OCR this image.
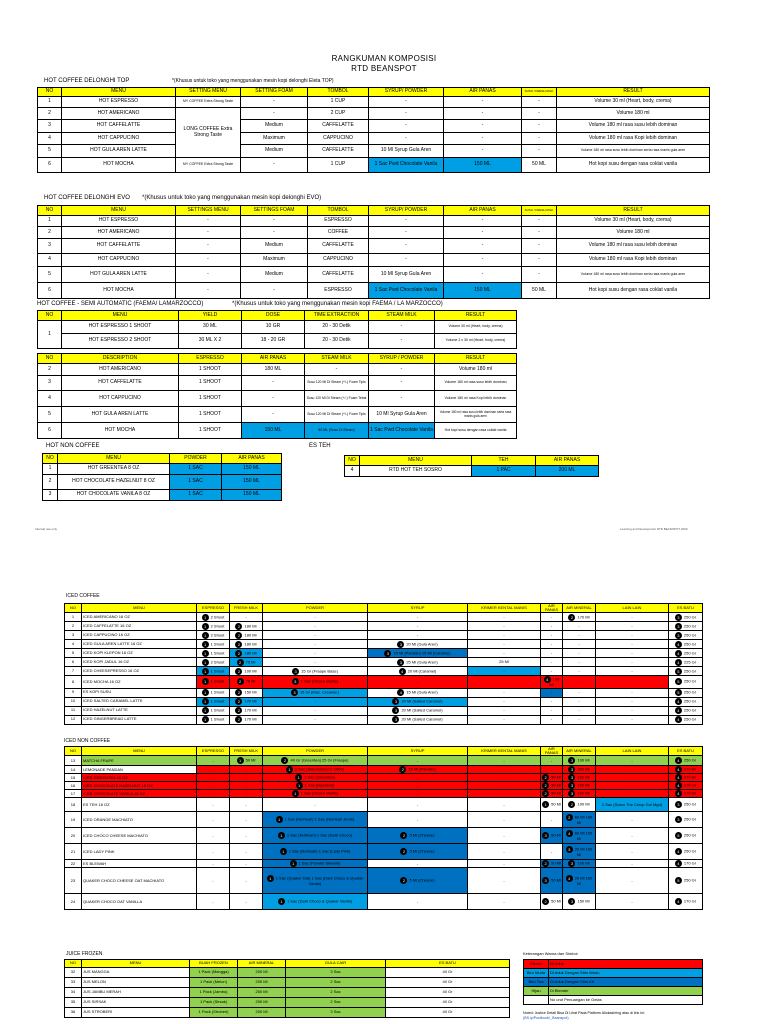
RANGKUMAN KOMPOSISI
RTD BEANSPOT
HOT COFFEE DELONGHI TOP	*(Khusus untuk toko yang menggunakan mesin kopi delonghi Eleta TOP)
NO	MENU	SETTING MENU	SETTING FOAM	TOMBOL	SYRUP/ POWDER	AIR PANAS	SUSU / FRESH MILK	RESULT
1	HOT ESPRESSO	MY COFFEE Extra Strong Taste	-	1 CUP	-	-	-	Volume 30 ml (Heart, body, crema)
2	HOT AMERICANO	LONG COFFEE Extra Strong Taste	-	2 CUP	-	-	-	Volume 180 ml
3	HOT CAFFELATTE		Medium	CAFFELATTE	-	-	-	Volume 180 ml rasa susu lebih dominan
4	HOT CAPPUCINO		Maximum	CAPPUCINO	-	-	-	Volume 180 ml rasa Kopi lebih dominan
5	HOT GULA AREN LATTE		Medium	CAFFELATTE	10 Ml Syrup Gula Aren	-	-	Volume 180 ml rasa susu lebih dominan serta rasa manis gula aren
6	HOT MOCHA	MY COFFEE Extra Strong Taste	-	1 CUP	1 Sac Pwd Chocolate Vanila	150 ML	50 ML	Hot kopi susu dengan rasa coklat vanila
HOT COFFEE DELONGHI EVO *(Khusus untuk toko yang menggunakan mesin kopi delonghi EVO)
NO	MENU	SETTINGS MENU	SETTINGS FOAM	TOMBOL	SYRUP/ POWDER	AIR PANAS	SUSU / FRESH MILK	RESULT
1	HOT ESPRESSO	-	-	ESPRESSO	-	-	-	Volume 30 ml (Heart, body, crema)
2	HOT AMERICANO	-	-	COFFEE	-	-	-	Volume 180 ml
3	HOT CAFFELATTE	-	Medium	CAFFELATTE	-	-	-	Volume 180 ml rasa susu lebih dominan
4	HOT CAPPUCINO	-	Maximum	CAPPUCINO	-	-	-	Volume 180 ml rasa Kopi lebih dominan
5	HOT GULA AREN LATTE	-	Medium	CAFFELATTE	10 Ml Syrup Gula Aren	-	-	Volume 180 ml rasa susu lebih dominan serta rasa manis gula aren
6	HOT MOCHA	-	-	ESPRESSO	1 Sac Pwd Chocolate Vanila	150 ML	50 ML	Hot kopi susu dengan rasa coklat vanila
HOT COFFEE - SEMI AUTOMATIC (FAEMA/ LAMARZOCCO)	*(Khusus untuk toko yang menggunakan mesin kopi FAEMA / LA MARZOCCO)
NO	MENU	YIELD	DOSE	TIME EXTRACTION	STEAM MILK	RESULT
1	HOT ESPRESSO 1 SHOOT	30 ML	10 GR	20 - 30 Detik	-	Volume 30 ml (Heart, body, crema)
	HOT ESPRESSO 2 SHOOT	30 ML X 2	18 - 20 GR	20 - 30 Detik	-	Volume 2 x 30 ml (Heart, body, crema)

NO	DESCRIPTION	ESPRESSO	AIR PANAS	STEAM MILK	SYRUP / POWDER	RESULT
2	HOT AMERICANO	1 SHOOT	180 ML	-	-	Volume 180 ml
3	HOT CAFFELATTE	1 SHOOT	-	Susu 120 Ml Di Steam (+/-) Foam Tipis	-	Volume 180 ml rasa susu lebih dominan
4	HOT CAPPUCINO	1 SHOOT	-	Susu 120 Ml Di Steam (+/-) Foam Tebal	-	Volume 180 ml rasa Kopi lebih dominan
5	HOT GULA AREN LATTE	1 SHOOT	-	Susu 120 Ml Di Steam (+/-) Foam Tipis	10 Ml Syrup Gula Aren	Volume 180 ml rasa susu lebih dominan serta rasa manis gula aren
6	HOT MOCHA	1 SHOOT	150 ML	50 ML (Susu Di Steam)	1 Sac Pwd Chocolate Vanila	Hot kopi susu dengan rasa coklat vanila
HOT NON COFFEE
NO	MENU	POWDER	AIR PANAS
1	HOT GREENTEA 8 OZ	1 SAC	150 ML
2	HOT CHOCOLATE HAZELNUT 8 OZ	1 SAC	150 ML
3	HOT CHOCOLATE VANILA 8 OZ	1 SAC	150 ML
ES TEH
NO	MENU	TEH	AIR PANAS
4	RTD HOT TEH SOSRO	1 PAC	200 ML
Internal use only	Learning and Development RTD BEANSPOT 2023
ICED COFFEE
NO	MENU	ESPRESSO	FRESH MILK	POWDER	SYRUP	KRIMER KENTAL MANIS	AIR PANAS	AIR MINERAL	LAIN LAIN	ES BATU
1	ICED AMERICANO 16 OZ	1 2 Shoot	-	-	-	-	-	2 170 Ml	-	3 250 Gr
2	ICED CAFFELATTE 16 OZ	1 2 Shoot	2 180 Ml	-	-	-	-	-	-	3 250 Gr
3	ICED CAPPUCINO 16 OZ	1 2 Shoot	2 180 Ml	-	-	-	-	-	-	3 250 Gr
4	ICED GULA AREN LATTE 16 OZ	1 1 Shoot	2 180 Ml	-	3 20 Ml (Gula Aren)	-	-	-	-	4 250 Gr
5	ICED KOPI KLEPON 16 OZ	1 1 Shoot	2 180 Ml	-	3 15 Ml (Pandan) 15 Ml (Caramel)	-	-	-	-	4 250 Gr
6	ICED KOPI JADUL 16 OZ	1 2 Shoot	2 75 Ml	-	3 25 Ml (Gula Aren)	25 Ml	-	-	-	4 225 Gr
7	ICED CHEESEPRESSO 16 OZ	1 1 Shoot	2 100 Ml	3 15 Gr (Fraape Base)	4 20 Ml (Caramel)	-	-	-	-	5 250 Gr
8	ICED MOCHA 16 OZ	1 1 Shoot	2 75 Ml	3 1 Sac (Choco Vanila)	-	-	4 100 Ml	-	-	5 250 Gr
9	ES KOPI SUSU	1 1 Shoot	2 150 Ml	3 15 Gr (Mac. Creamer)	4 15 Ml (Gula Aren)	-	-	-	-	5 250 Gr
10	ICED SALTED CARAMEL LATTE	1 1 Shoot	2 170 Ml	-	3 20 Ml (Salted Caramel)	-	-	-	-	4 250 Gr
11	ICED HAZELNUT LATTE	1 1 Shoot	2 170 Ml	-	3 20 Ml (Salted Caramel)	-	-	-	-	4 250 Gr
12	ICED GINGERBREAD LATTE	1 1 Shoot	2 170 Ml	-	3 20 Ml (Salted Caramel)	-	-	-	-	4 250 Gr
ICED NON COFFEE
NO	MENU	ESPRESSO	FRESH MILK	POWDER	SYRUP	KRIMER KENTAL MANIS	AIR PANAS	AIR MINERAL	LAIN LAIN	ES BATU
13	MATCHA FRAPE	-	1 50 Ml	2 40 Gr (Greentea) 25 Gr (Fraape)	-	-	-	3 100 Ml	-	4 250 Gr
14	LEMONADE PANDAN	-	-	1 1 Sac (Sidomuncul C-1000)	2 15 Ml (Pandan)	-	-	3 200 Ml	-	4 170 Gr
15	ICED GREENTEA 16 OZ	-	-	1 1 Sac (Greentea)	-	-	2 50 Ml	3 100 Ml	-	4 170 Gr
16	ICED CHOCOLATE HAZELNUT 16 OZ	-	-	1 1 Sac (Hazelnut)	-	-	2 50 Ml	3 100 Ml	-	4 170 Gr
17	ICED CHOCOLATE VANILA 16 OZ	-	-	1 1 Sac (Choco Vanila)	-	-	2 50 Ml	3 100 Ml	-	4 170 Gr
18	ES TEH 16 OZ	-	-	-	-	-	1 50 Ml	2 100 Ml	1 Sac (Sosro The Celup Gol Mgd)	3 250 Gr
19	ICED ORANGE MACHIATO	-	-	1 1 Sac (Nutrisari) 1 Sac (Nutrisari Jeruk)	-	-	-	2 60 Ml 180 Ml	-	3 250 Gr
20	ICED CHOCO CHEESE MACHIATO	-	-	1 1 Sac (Nutrisari) 1 Sac (Dark Choco)	2 5 Ml (Cheese)	-	3 50 Ml	4 60 Ml 150 Ml	-	5 250 Gr
21	ICED LADY PINK	-	-	1 1 Sac (Nutrisari) 1 Sac (Lady Pink)	2 5 Ml (Cheese)	-	-	3 20 Ml 160 Ml	-	4 250 Gr
22	ES BLEWAH	-	-	1 1 Sac (Powder Blewah)	-	-	2 50 Ml	3 100 Ml	-	4 170 Gr
23	QUAKER CHOCO CHEESE OAT MACHIATO	-	-	1 1 Sac (Quaker Oat) 1 Sac (Dark Choco & Quaker Vanila)	2 5 Ml (Cheese)	-	3 50 Ml	4 20 Ml 160 Ml	-	5 250 Gr
24	QUAKER CHOCO OAT VANILLA	-	-	1 1 Sac (Dark Choco & Quaker Vanila)	-	-	2 50 Ml	3 150 Ml	-	4 170 Gr
JUICE FROZEN
NO	MENU	BUAH FROZEN	AIR MINERAL	GULA CAIR	ES BATU
32	JUS MANGGA	1 Pack (Mangga)	200 Ml	3 Sac	40 Gr
33	JUS MELON	1 Pack (Melon)	200 Ml	2 Sac	40 Gr
34	JUS JAMBU MERAH	1 Pack (Jambu)	200 Ml	2 Sac	40 Gr
35	JUS SIRSAK	1 Pack (Sirsak)	200 Ml	2 Sac	40 Gr
36	JUS STROBERI	1 Pack (Stroberi)	200 Ml	3 Sac	40 Gr
Keterangan Warna dan Simbol
Merah	Di Aduk
Biru Muda	Di Aduk Dengan Stirs Wadu
Biru Tua	Di Aduk Dengan Stirs Kit
Hijau	Di Blender
	No urut Penuangan ke Gelas
Noted: Justice Detail Bisa Di Lihat Pada Platform Allokasi/ring atau di link ini:
(BS.ip/Purdbook/_Beanspot)
